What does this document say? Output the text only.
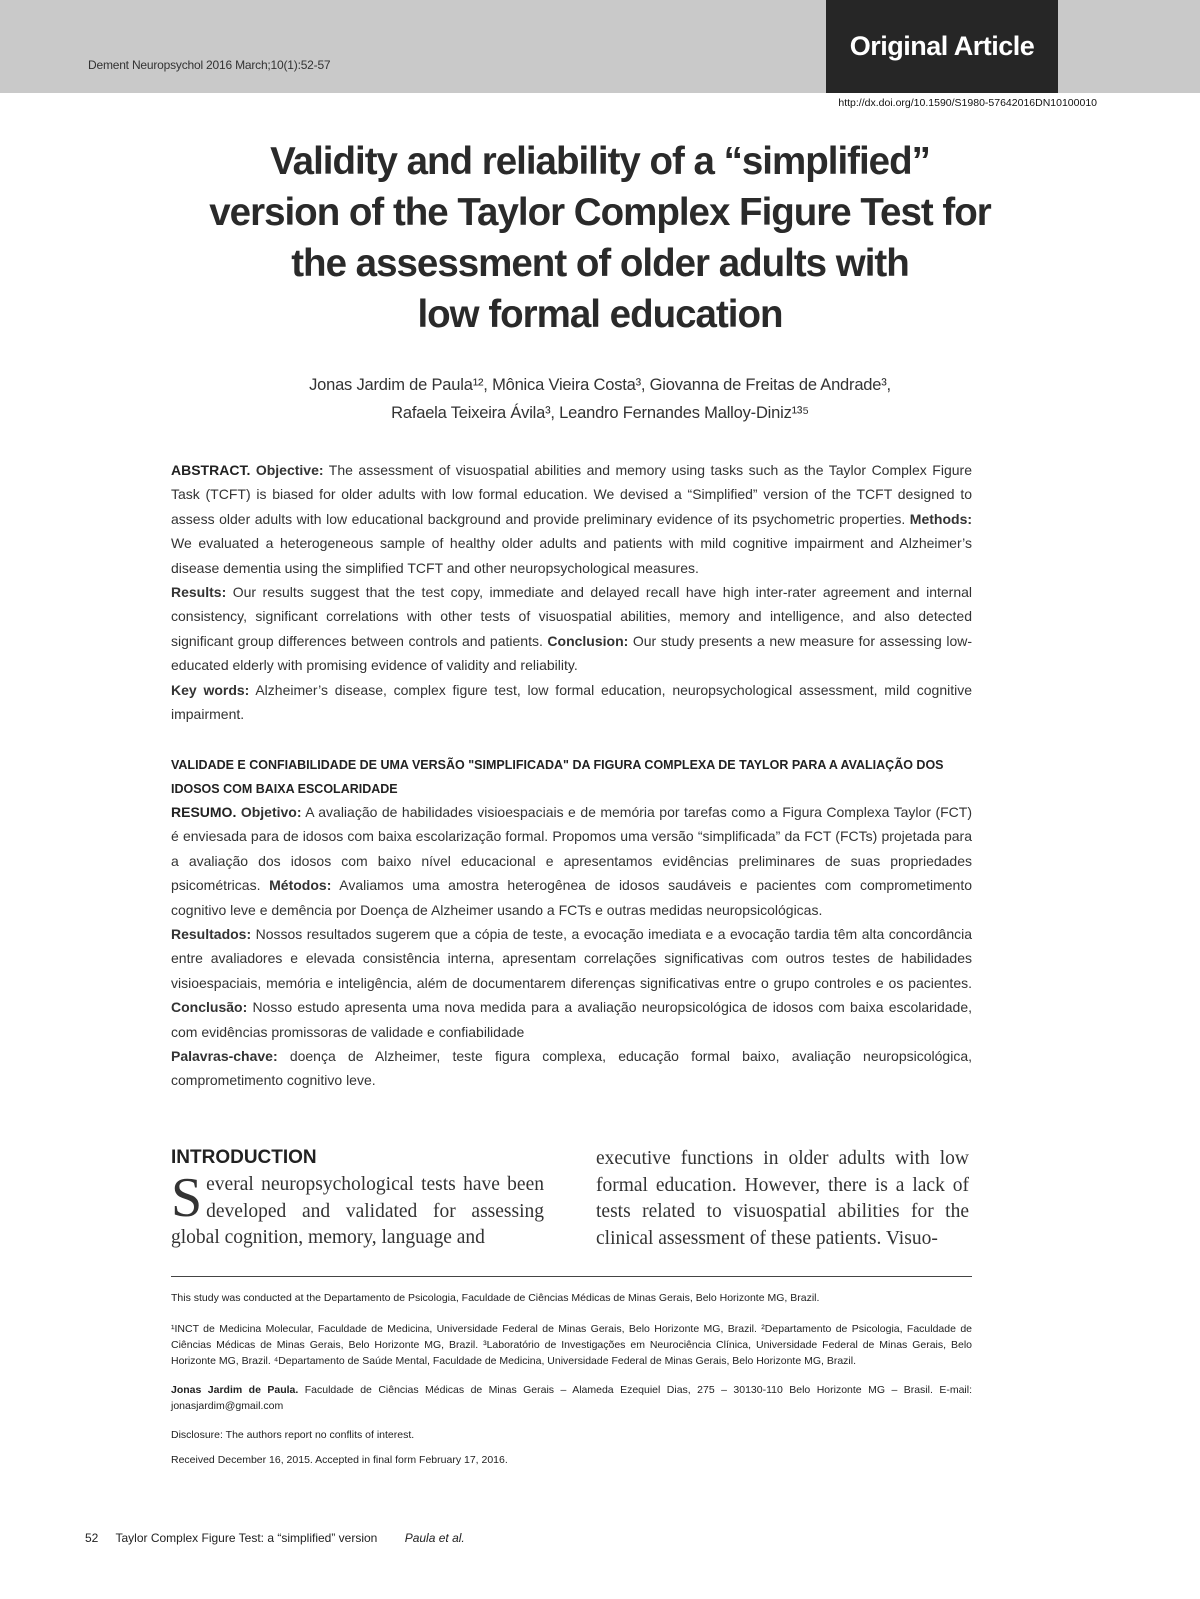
Dement Neuropsychol 2016 March;10(1):52-57
Original Article
http://dx.doi.org/10.1590/S1980-57642016DN10100010
Validity and reliability of a “simplified”
version of the Taylor Complex Figure Test for
the assessment of older adults with
low formal education
Jonas Jardim de Paula¹², Mônica Vieira Costa³, Giovanna de Freitas de Andrade³,
Rafaela Teixeira Ávila³, Leandro Fernandes Malloy-Diniz¹³⁵

ABSTRACT. Objective: The assessment of visuospatial abilities and memory using tasks such as the Taylor Complex Figure Task (TCFT) is biased for older adults with low formal education. We devised a “Simplified” version of the TCFT designed to assess older adults with low educational background and provide preliminary evidence of its psychometric properties. Methods: We evaluated a heterogeneous sample of healthy older adults and patients with mild cognitive impairment and Alzheimer’s disease dementia using the simplified TCFT and other neuropsychological measures.
Results: Our results suggest that the test copy, immediate and delayed recall have high inter-rater agreement and internal consistency, significant correlations with other tests of visuospatial abilities, memory and intelligence, and also detected significant group differences between controls and patients. Conclusion: Our study presents a new measure for assessing low-educated elderly with promising evidence of validity and reliability.
Key words: Alzheimer’s disease, complex figure test, low formal education, neuropsychological assessment, mild cognitive impairment.

VALIDADE E CONFIABILIDADE DE UMA VERSÃO "SIMPLIFICADA" DA FIGURA COMPLEXA DE TAYLOR PARA A AVALIAÇÃO DOS IDOSOS COM BAIXA ESCOLARIDADE

RESUMO. Objetivo: A avaliação de habilidades visioespaciais e de memória por tarefas como a Figura Complexa Taylor (FCT) é enviesada para de idosos com baixa escolarização formal. Propomos uma versão “simplificada” da FCT (FCTs) projetada para a avaliação dos idosos com baixo nível educacional e apresentamos evidências preliminares de suas propriedades psicométricas. Métodos: Avaliamos uma amostra heterogênea de idosos saudáveis e pacientes com comprometimento cognitivo leve e demência por Doença de Alzheimer usando a FCTs e outras medidas neuropsicológicas.
Resultados: Nossos resultados sugerem que a cópia de teste, a evocação imediata e a evocação tardia têm alta concordância entre avaliadores e elevada consistência interna, apresentam correlações significativas com outros testes de habilidades visioespaciais, memória e inteligência, além de documentarem diferenças significativas entre o grupo controles e os pacientes. Conclusão: Nosso estudo apresenta uma nova medida para a avaliação neuropsicológica de idosos com baixa escolaridade, com evidências promissoras de validade e confiabilidade
Palavras-chave: doença de Alzheimer, teste figura complexa, educação formal baixo, avaliação neuropsicológica, comprometimento cognitivo leve.

INTRODUCTION

Several neuropsychological tests have been developed and validated for assessing global cognition, memory, language and

executive functions in older adults with low formal education. However, there is a lack of tests related to visuospatial abilities for the clinical assessment of these patients. Visuo-

This study was conducted at the Departamento de Psicologia, Faculdade de Ciências Médicas de Minas Gerais, Belo Horizonte MG, Brazil.

¹INCT de Medicina Molecular, Faculdade de Medicina, Universidade Federal de Minas Gerais, Belo Horizonte MG, Brazil. ²Departamento de Psicologia, Faculdade de Ciências Médicas de Minas Gerais, Belo Horizonte MG, Brazil. ³Laboratório de Investigações em Neurociência Clínica, Universidade Federal de Minas Gerais, Belo Horizonte MG, Brazil. ⁴Departamento de Saúde Mental, Faculdade de Medicina, Universidade Federal de Minas Gerais, Belo Horizonte MG, Brazil.

Jonas Jardim de Paula. Faculdade de Ciências Médicas de Minas Gerais – Alameda Ezequiel Dias, 275 – 30130-110 Belo Horizonte MG – Brasil. E-mail: jonasjardim@gmail.com

Disclosure: The authors report no conflits of interest.

Received December 16, 2015. Accepted in final form February 17, 2016.

52 Taylor Complex Figure Test: a “simplified” version Paula et al.
